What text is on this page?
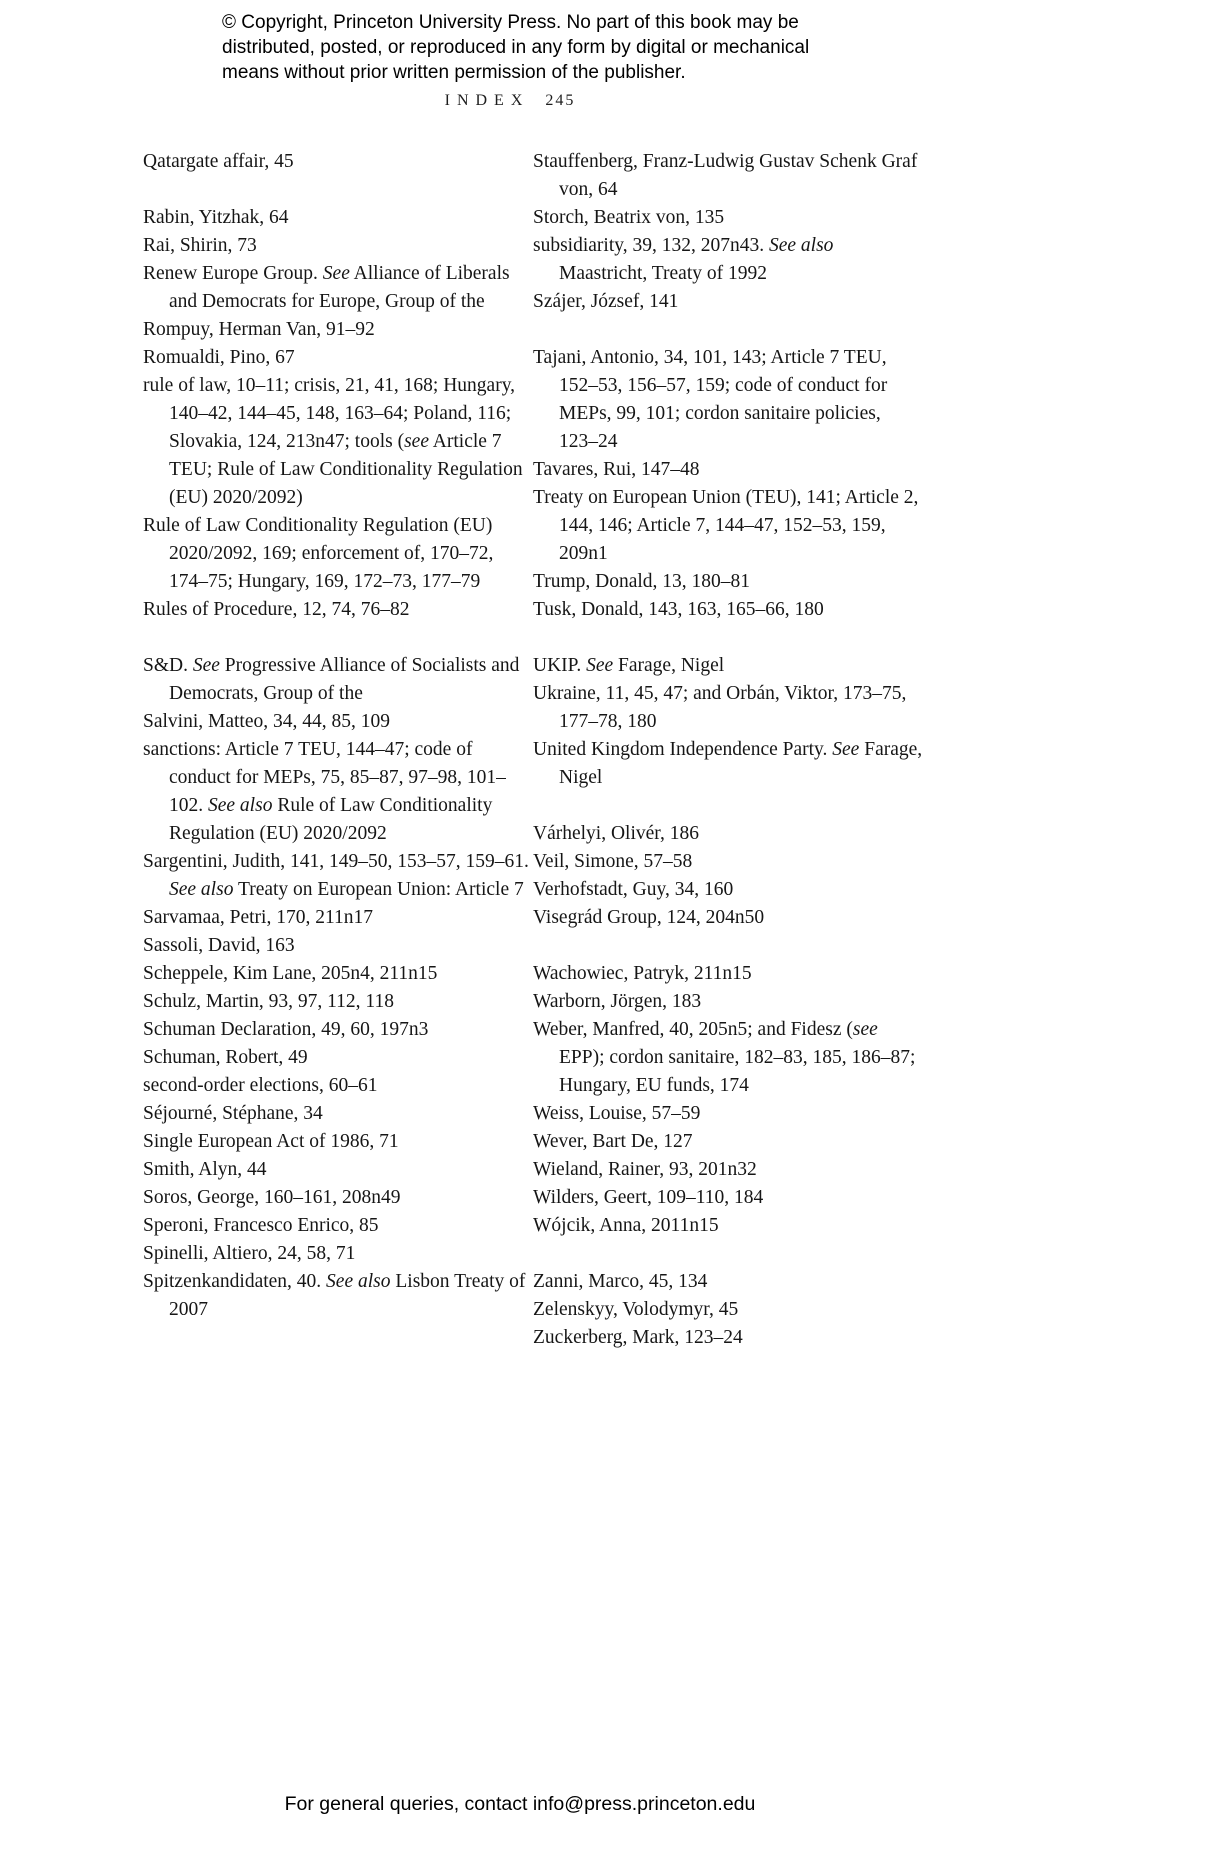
© Copyright, Princeton University Press. No part of this book may be distributed, posted, or reproduced in any form by digital or mechanical means without prior written permission of the publisher.
INDEX 245
Qatargate affair, 45
Rabin, Yitzhak, 64
Rai, Shirin, 73
Renew Europe Group. See Alliance of Liberals and Democrats for Europe, Group of the
Rompuy, Herman Van, 91–92
Romualdi, Pino, 67
rule of law, 10–11; crisis, 21, 41, 168; Hungary, 140–42, 144–45, 148, 163–64; Poland, 116; Slovakia, 124, 213n47; tools (see Article 7 TEU; Rule of Law Conditionality Regulation (EU) 2020/2092)
Rule of Law Conditionality Regulation (EU) 2020/2092, 169; enforcement of, 170–72, 174–75; Hungary, 169, 172–73, 177–79
Rules of Procedure, 12, 74, 76–82
S&D. See Progressive Alliance of Socialists and Democrats, Group of the
Salvini, Matteo, 34, 44, 85, 109
sanctions: Article 7 TEU, 144–47; code of conduct for MEPs, 75, 85–87, 97–98, 101–102. See also Rule of Law Conditionality Regulation (EU) 2020/2092
Sargentini, Judith, 141, 149–50, 153–57, 159–61. See also Treaty on European Union: Article 7
Sarvamaa, Petri, 170, 211n17
Sassoli, David, 163
Scheppele, Kim Lane, 205n4, 211n15
Schulz, Martin, 93, 97, 112, 118
Schuman Declaration, 49, 60, 197n3
Schuman, Robert, 49
second-order elections, 60–61
Séjourné, Stéphane, 34
Single European Act of 1986, 71
Smith, Alyn, 44
Soros, George, 160–161, 208n49
Speroni, Francesco Enrico, 85
Spinelli, Altiero, 24, 58, 71
Spitzenkandidaten, 40. See also Lisbon Treaty of 2007
Stauffenberg, Franz-Ludwig Gustav Schenk Graf von, 64
Storch, Beatrix von, 135
subsidiarity, 39, 132, 207n43. See also Maastricht, Treaty of 1992
Szájer, József, 141
Tajani, Antonio, 34, 101, 143; Article 7 TEU, 152–53, 156–57, 159; code of conduct for MEPs, 99, 101; cordon sanitaire policies, 123–24
Tavares, Rui, 147–48
Treaty on European Union (TEU), 141; Article 2, 144, 146; Article 7, 144–47, 152–53, 159, 209n1
Trump, Donald, 13, 180–81
Tusk, Donald, 143, 163, 165–66, 180
UKIP. See Farage, Nigel
Ukraine, 11, 45, 47; and Orbán, Viktor, 173–75, 177–78, 180
United Kingdom Independence Party. See Farage, Nigel
Várhelyi, Olivér, 186
Veil, Simone, 57–58
Verhofstadt, Guy, 34, 160
Visegrád Group, 124, 204n50
Wachowiec, Patryk, 211n15
Warborn, Jörgen, 183
Weber, Manfred, 40, 205n5; and Fidesz (see EPP); cordon sanitaire, 182–83, 185, 186–87; Hungary, EU funds, 174
Weiss, Louise, 57–59
Wever, Bart De, 127
Wieland, Rainer, 93, 201n32
Wilders, Geert, 109–110, 184
Wójcik, Anna, 2011n15
Zanni, Marco, 45, 134
Zelenskyy, Volodymyr, 45
Zuckerberg, Mark, 123–24
For general queries, contact info@press.princeton.edu
